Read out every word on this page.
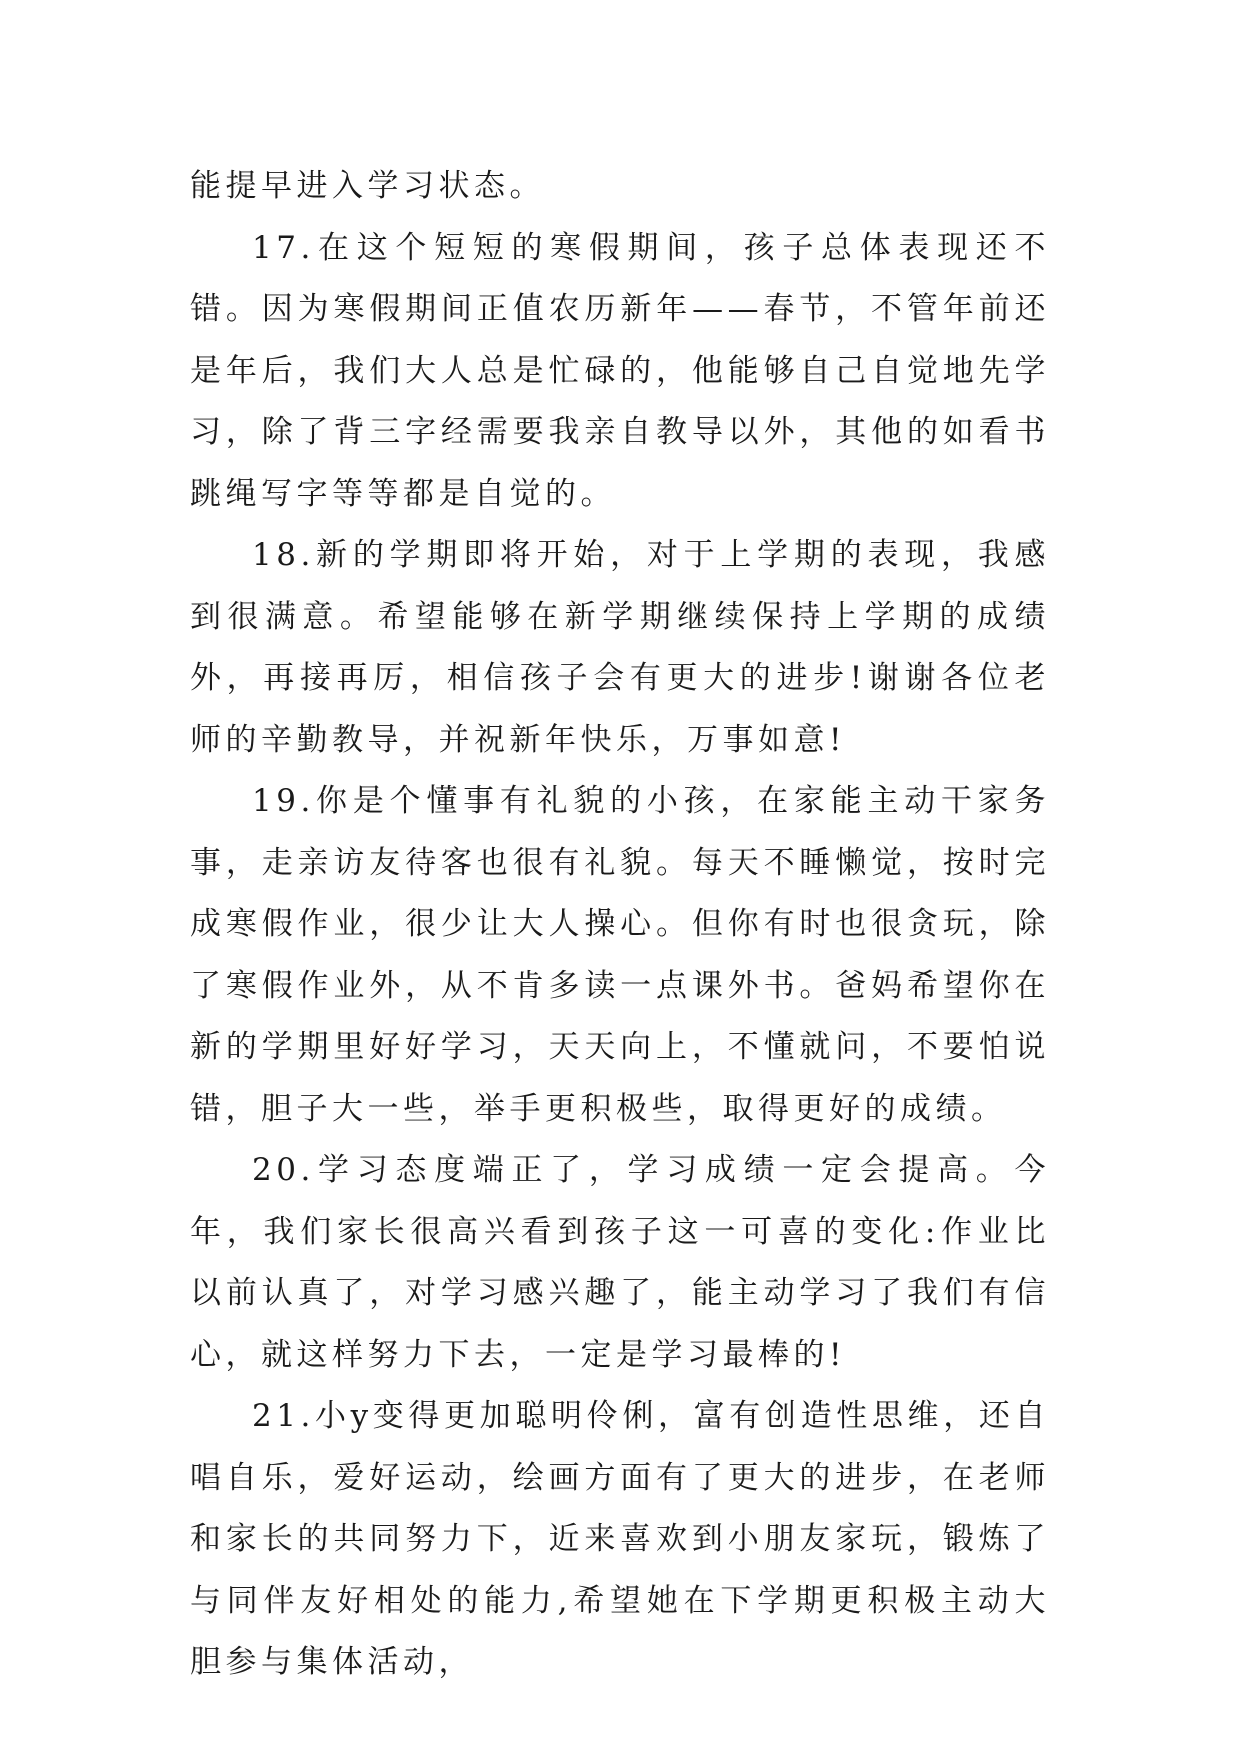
能提早进入学习状态。

17.在这个短短的寒假期间，孩子总体表现还不错。因为寒假期间正值农历新年——春节，不管年前还是年后，我们大人总是忙碌的，他能够自己自觉地先学习，除了背三字经需要我亲自教导以外，其他的如看书跳绳写字等等都是自觉的。

18.新的学期即将开始，对于上学期的表现，我感到很满意。希望能够在新学期继续保持上学期的成绩外，再接再厉，相信孩子会有更大的进步!谢谢各位老师的辛勤教导，并祝新年快乐，万事如意!

19.你是个懂事有礼貌的小孩，在家能主动干家务事，走亲访友待客也很有礼貌。每天不睡懒觉，按时完成寒假作业，很少让大人操心。但你有时也很贪玩，除了寒假作业外，从不肯多读一点课外书。爸妈希望你在新的学期里好好学习，天天向上，不懂就问，不要怕说错，胆子大一些，举手更积极些，取得更好的成绩。

20.学习态度端正了，学习成绩一定会提高。今年，我们家长很高兴看到孩子这一可喜的变化:作业比以前认真了，对学习感兴趣了，能主动学习了我们有信心，就这样努力下去，一定是学习最棒的!

21.小y变得更加聪明伶俐，富有创造性思维，还自唱自乐，爱好运动，绘画方面有了更大的进步，在老师和家长的共同努力下，近来喜欢到小朋友家玩，锻炼了与同伴友好相处的能力,希望她在下学期更积极主动大胆参与集体活动，
